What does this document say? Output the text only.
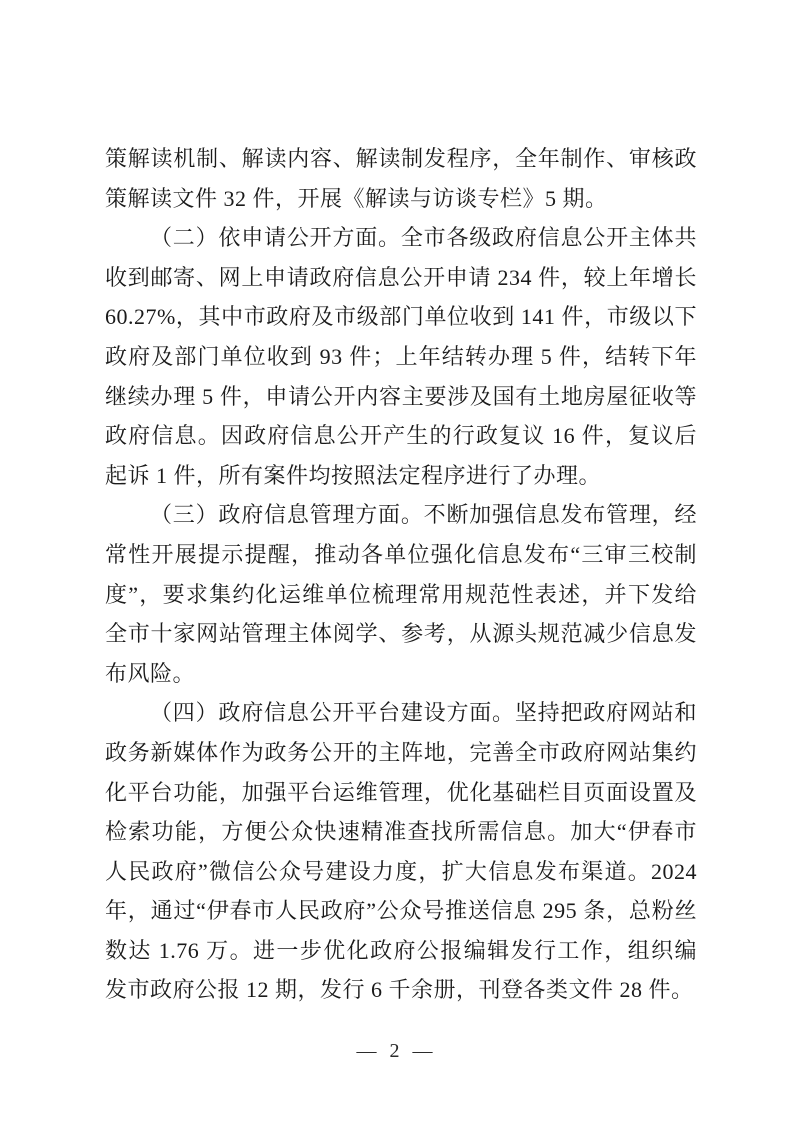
策解读机制、解读内容、解读制发程序，全年制作、审核政策解读文件 32 件，开展《解读与访谈专栏》5 期。

（二）依申请公开方面。全市各级政府信息公开主体共收到邮寄、网上申请政府信息公开申请 234 件，较上年增长 60.27%，其中市政府及市级部门单位收到 141 件，市级以下政府及部门单位收到 93 件；上年结转办理 5 件，结转下年继续办理 5 件，申请公开内容主要涉及国有土地房屋征收等政府信息。因政府信息公开产生的行政复议 16 件，复议后起诉 1 件，所有案件均按照法定程序进行了办理。

（三）政府信息管理方面。不断加强信息发布管理，经常性开展提示提醒，推动各单位强化信息发布“三审三校制度”，要求集约化运维单位梳理常用规范性表述，并下发给全市十家网站管理主体阅学、参考，从源头规范减少信息发布风险。

（四）政府信息公开平台建设方面。坚持把政府网站和政务新媒体作为政务公开的主阵地，完善全市政府网站集约化平台功能，加强平台运维管理，优化基础栏目页面设置及检索功能，方便公众快速精准查找所需信息。加大“伊春市人民政府”微信公众号建设力度，扩大信息发布渠道。2024 年，通过“伊春市人民政府”公众号推送信息 295 条，总粉丝数达 1.76 万。进一步优化政府公报编辑发行工作，组织编发市政府公报 12 期，发行 6 千余册，刊登各类文件 28 件。

— 2 —
